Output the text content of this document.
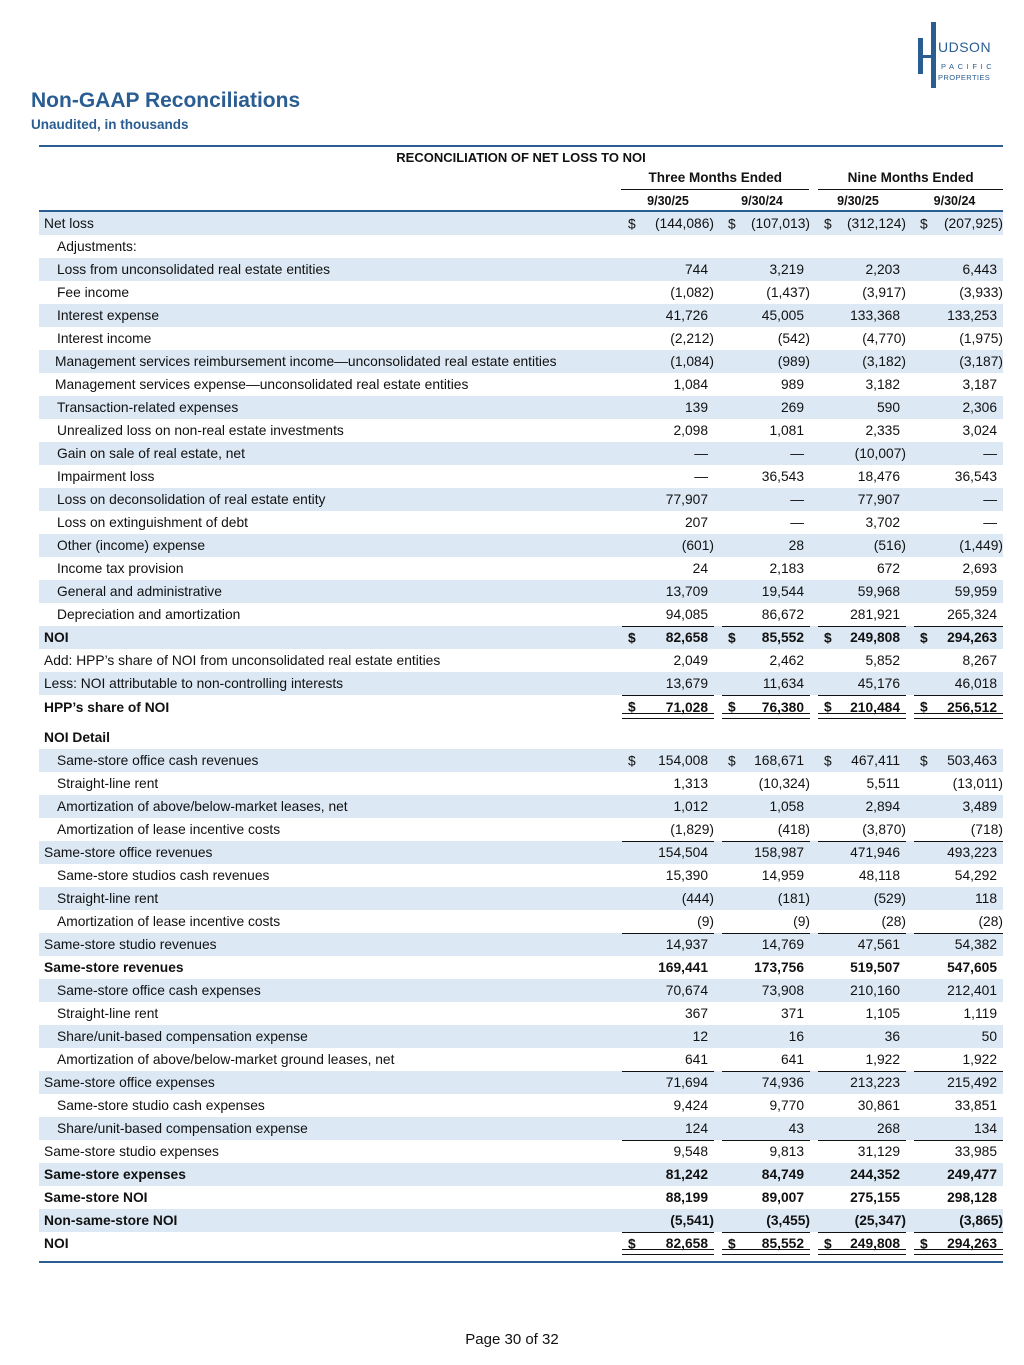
UDSON
PACIFIC
PROPERTIES
Non-GAAP Reconciliations
Unaudited, in thousands
RECONCILIATION OF NET LOSS TO NOI
Three Months Ended	Nine Months Ended
9/30/25	9/30/24	9/30/25	9/30/24
Net loss	$ (144,086) $ (107,013) $ (312,124) $ (207,925)
Adjustments:
Loss from unconsolidated real estate entities	744	3,219	2,203	6,443
Fee income	(1,082)	(1,437)	(3,917)	(3,933)
Interest expense	41,726	45,005	133,368	133,253
Interest income	(2,212)	(542)	(4,770)	(1,975)
Management services reimbursement income—unconsolidated real estate entities	(1,084)	(989)	(3,182)	(3,187)
Management services expense—unconsolidated real estate entities	1,084	989	3,182	3,187
Transaction-related expenses	139	269	590	2,306
Unrealized loss on non-real estate investments	2,098	1,081	2,335	3,024
Gain on sale of real estate, net	—	—	(10,007)	—
Impairment loss	—	36,543	18,476	36,543
Loss on deconsolidation of real estate entity	77,907	—	77,907	—
Loss on extinguishment of debt	207	—	3,702	—
Other (income) expense	(601)	28	(516)	(1,449)
Income tax provision	24	2,183	672	2,693
General and administrative	13,709	19,544	59,968	59,959
Depreciation and amortization	94,085	86,672	281,921	265,324
NOI	$ 82,658 $ 85,552 $ 249,808 $ 294,263
Add: HPP’s share of NOI from unconsolidated real estate entities	2,049	2,462	5,852	8,267
Less: NOI attributable to non-controlling interests	13,679	11,634	45,176	46,018
HPP’s share of NOI	$ 71,028 $ 76,380 $ 210,484 $ 256,512
NOI Detail
Same-store office cash revenues	$ 154,008 $ 168,671 $ 467,411 $ 503,463
Straight-line rent	1,313	(10,324)	5,511	(13,011)
Amortization of above/below-market leases, net	1,012	1,058	2,894	3,489
Amortization of lease incentive costs	(1,829)	(418)	(3,870)	(718)
Same-store office revenues	154,504	158,987	471,946	493,223
Same-store studios cash revenues	15,390	14,959	48,118	54,292
Straight-line rent	(444)	(181)	(529)	118
Amortization of lease incentive costs	(9)	(9)	(28)	(28)
Same-store studio revenues	14,937	14,769	47,561	54,382
Same-store revenues	169,441	173,756	519,507	547,605
Same-store office cash expenses	70,674	73,908	210,160	212,401
Straight-line rent	367	371	1,105	1,119
Share/unit-based compensation expense	12	16	36	50
Amortization of above/below-market ground leases, net	641	641	1,922	1,922
Same-store office expenses	71,694	74,936	213,223	215,492
Same-store studio cash expenses	9,424	9,770	30,861	33,851
Share/unit-based compensation expense	124	43	268	134
Same-store studio expenses	9,548	9,813	31,129	33,985
Same-store expenses	81,242	84,749	244,352	249,477
Same-store NOI	88,199	89,007	275,155	298,128
Non-same-store NOI	(5,541)	(3,455)	(25,347)	(3,865)
NOI	$ 82,658 $ 85,552 $ 249,808 $ 294,263
Page 30 of 32
